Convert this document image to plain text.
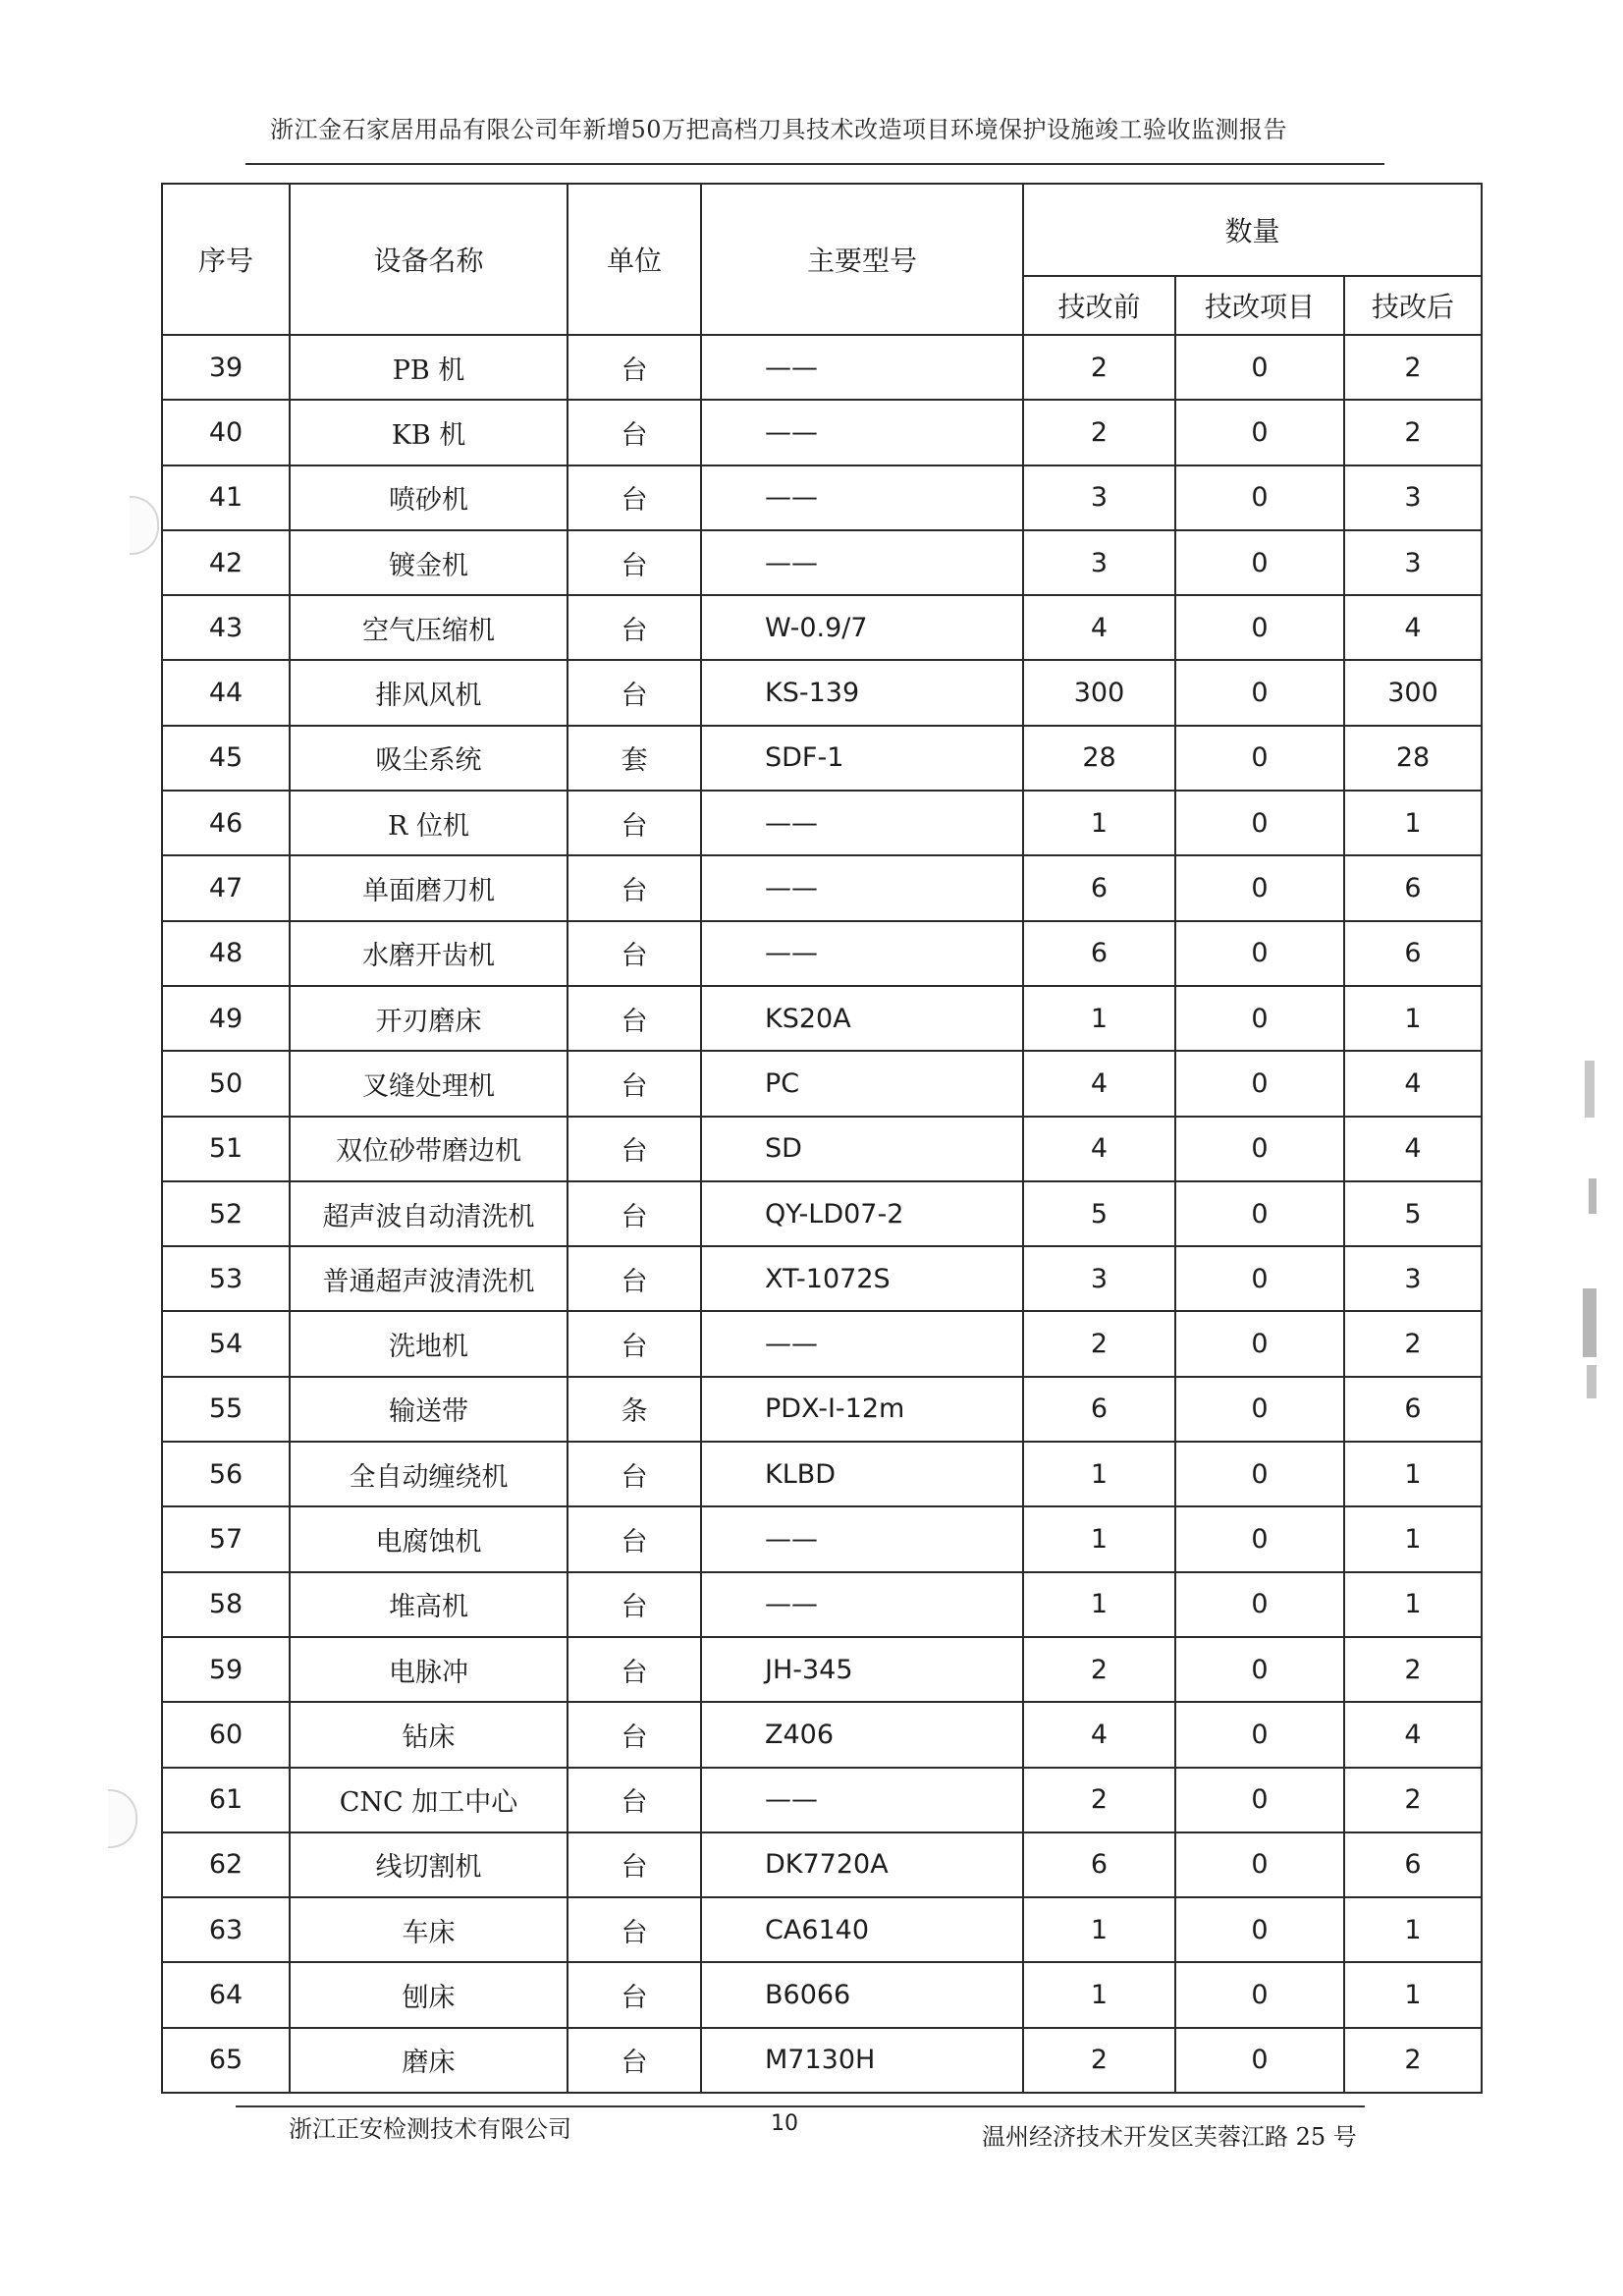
浙江金石家居用品有限公司年新增50万把高档刀具技术改造项目环境保护设施竣工验收监测报告
序号	设备名称	单位	主要型号	数量		
				技改前	技改项目	技改后
39	PB 机	台	——	2	0	2
40	KB 机	台	——	2	0	2
41	喷砂机	台	——	3	0	3
42	镀金机	台	——	3	0	3
43	空气压缩机	台	W-0.9/7	4	0	4
44	排风风机	台	KS-139	300	0	300
45	吸尘系统	套	SDF-1	28	0	28
46	R 位机	台	——	1	0	1
47	单面磨刀机	台	——	6	0	6
48	水磨开齿机	台	——	6	0	6
49	开刃磨床	台	KS20A	1	0	1
50	叉缝处理机	台	PC	4	0	4
51	双位砂带磨边机	台	SD	4	0	4
52	超声波自动清洗机	台	QY-LD07-2	5	0	5
53	普通超声波清洗机	台	XT-1072S	3	0	3
54	洗地机	台	——	2	0	2
55	输送带	条	PDX-I-12m	6	0	6
56	全自动缠绕机	台	KLBD	1	0	1
57	电腐蚀机	台	——	1	0	1
58	堆高机	台	——	1	0	1
59	电脉冲	台	JH-345	2	0	2
60	钻床	台	Z406	4	0	4
61	CNC 加工中心	台	——	2	0	2
62	线切割机	台	DK7720A	6	0	6
63	车床	台	CA6140	1	0	1
64	刨床	台	B6066	1	0	1
65	磨床	台	M7130H	2	0	2
浙江正安检测技术有限公司	10	温州经济技术开发区芙蓉江路 25 号
